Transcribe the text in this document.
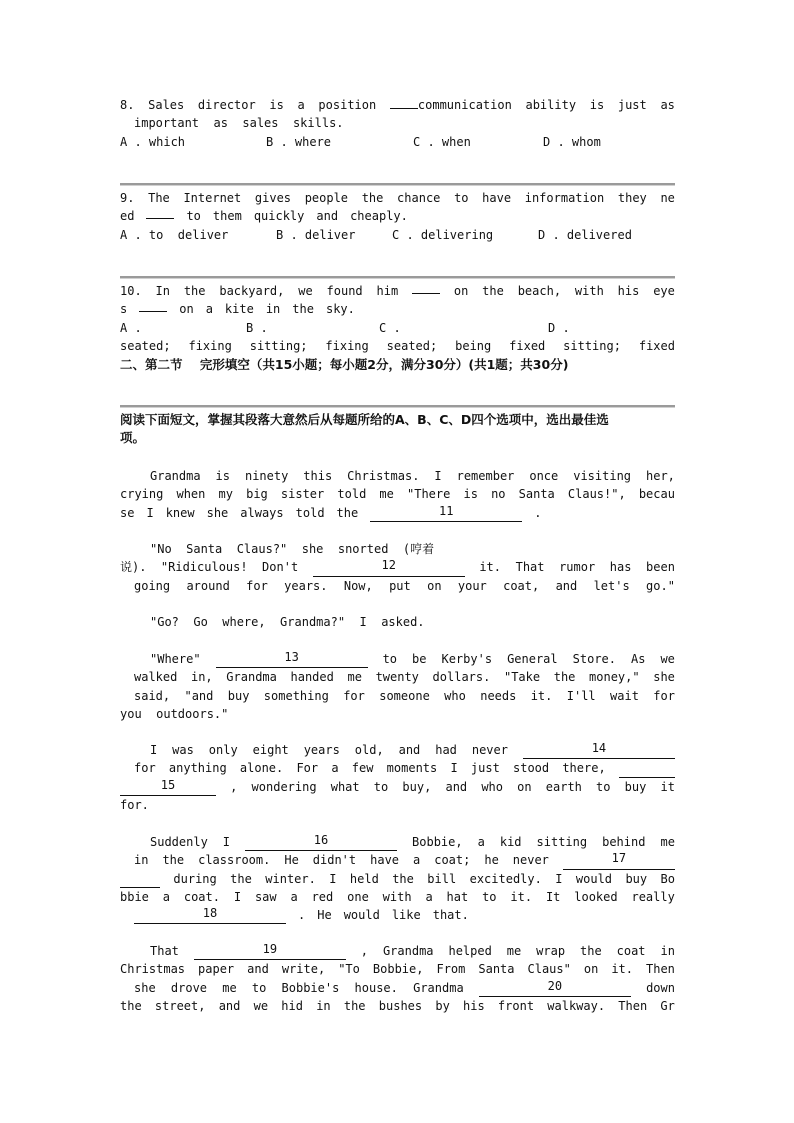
8. Sales director is a position	communication ability is just as
important  as  sales  skills.
A . which	B . where	C . when	D . whom
9. The Internet gives people the chance to have information they ne
ed	to them quickly and cheaply.
A . to  deliver	B . deliver	C . delivering	D . delivered
10. In the backyard, we found him	on the beach, with his eye
s	on a kite in the sky.
A .	B .	C .	D .
seated; fixing sitting; fixing seated; being fixed sitting; fixed
二、第二节    完形填空（共15小题；每小题2分，满分30分）(共1题；共30分)
阅读下面短文，掌握其段落大意然后从每题所给的A、B、C、D四个选项中，选出最佳选
项。
Grandma is ninety this Christmas. I remember once visiting her,
crying when my big sister told me "There is no Santa Claus!", becau
se I knew she always told the	11	.
"No  Santa  Claus?"  she  snorted  (哼着
说).  "Ridiculous!  Don't	12	it. That rumor has been
going around for years. Now, put on your coat, and let's go."
"Go?  Go  where,  Grandma?"  I  asked.
"Where"	13	to be Kerby's General Store. As we
walked in, Grandma handed me twenty dollars. "Take the money," she
said, "and buy something for someone who needs it. I'll wait for
you  outdoors."
I was only eight years old, and had never	14
for anything alone. For a few moments I just stood there,
15	, wondering what to buy, and who on earth to buy it
for.
Suddenly I	16	Bobbie, a kid sitting behind me
in the classroom. He didn't have a coat; he never	17
during the winter. I held the bill excitedly. I would buy Bo
bbie a coat. I saw a red one with a hat to it. It looked really
18	. He would like that.
That	19	, Grandma helped me wrap the coat in
Christmas paper and write, "To Bobbie, From Santa Claus" on it. Then
she drove me to Bobbie's house. Grandma	20	down
the street, and we hid in the bushes by his front walkway. Then Gr
